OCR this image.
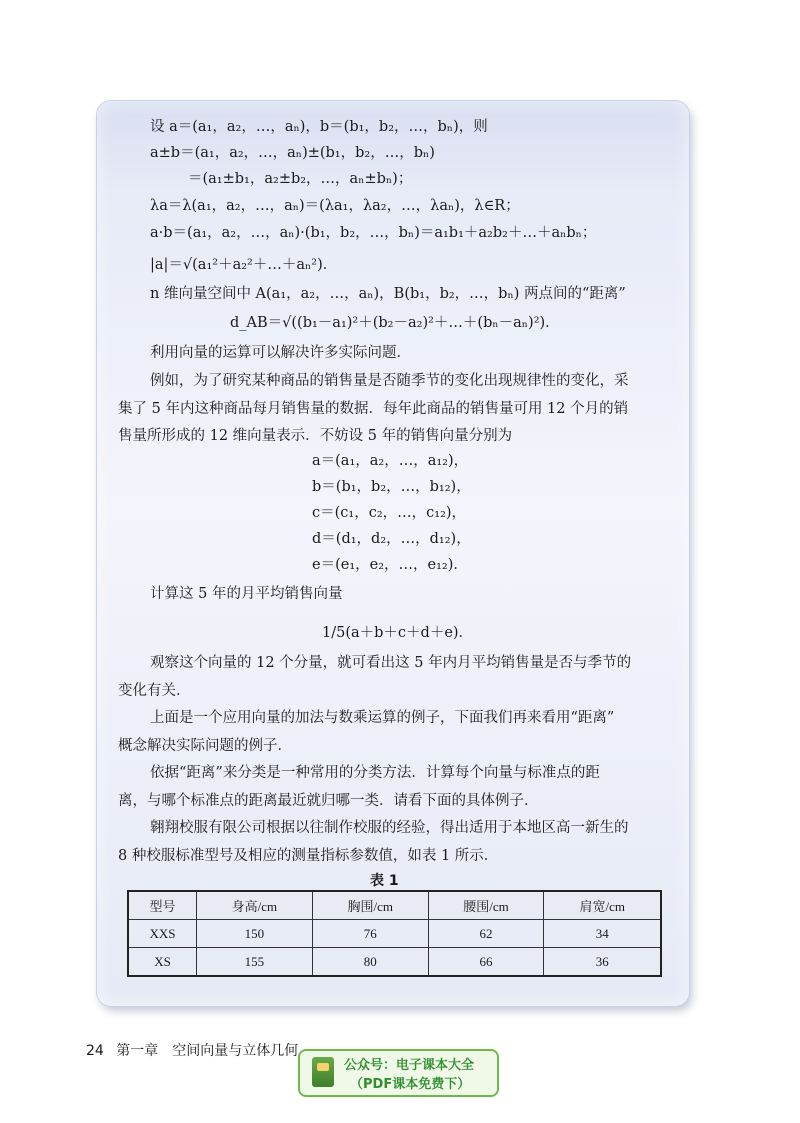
设 a＝(a₁，a₂，…，aₙ)，b＝(b₁，b₂，…，bₙ)，则
a±b＝(a₁，a₂，…，aₙ)±(b₁，b₂，…，bₙ)
＝(a₁±b₁，a₂±b₂，…，aₙ±bₙ)；
λa＝λ(a₁，a₂，…，aₙ)＝(λa₁，λa₂，…，λaₙ)，λ∈R；
a·b＝(a₁，a₂，…，aₙ)·(b₁，b₂，…，bₙ)＝a₁b₁＋a₂b₂＋…＋aₙbₙ；
|a|＝√(a₁²＋a₂²＋…＋aₙ²)．
n 维向量空间中 A(a₁，a₂，…，aₙ)，B(b₁，b₂，…，bₙ) 两点间的“距离”
d_AB＝√((b₁－a₁)²＋(b₂－a₂)²＋…＋(bₙ－aₙ)²)．
利用向量的运算可以解决许多实际问题．
例如，为了研究某种商品的销售量是否随季节的变化出现规律性的变化，采
集了 5 年内这种商品每月销售量的数据．每年此商品的销售量可用 12 个月的销
售量所形成的 12 维向量表示．不妨设 5 年的销售向量分别为
a＝(a₁，a₂，…，a₁₂)，
b＝(b₁，b₂，…，b₁₂)，
c＝(c₁，c₂，…，c₁₂)，
d＝(d₁，d₂，…，d₁₂)，
e＝(e₁，e₂，…，e₁₂)．
计算这 5 年的月平均销售向量
1/5(a＋b＋c＋d＋e)．
观察这个向量的 12 个分量，就可看出这 5 年内月平均销售量是否与季节的
变化有关．
上面是一个应用向量的加法与数乘运算的例子，下面我们再来看用“距离”
概念解决实际问题的例子．
依据“距离”来分类是一种常用的分类方法．计算每个向量与标准点的距
离，与哪个标准点的距离最近就归哪一类．请看下面的具体例子．
翱翔校服有限公司根据以往制作校服的经验，得出适用于本地区高一新生的
8 种校服标准型号及相应的测量指标参数值，如表 1 所示．
表 1
型号	身高/cm	胸围/cm	腰围/cm	肩宽/cm
XXS	150	76	62	34
XS	155	80	66	36
24 第一章　空间向量与立体几何
公众号：电子课本大全
（PDF课本免费下）
